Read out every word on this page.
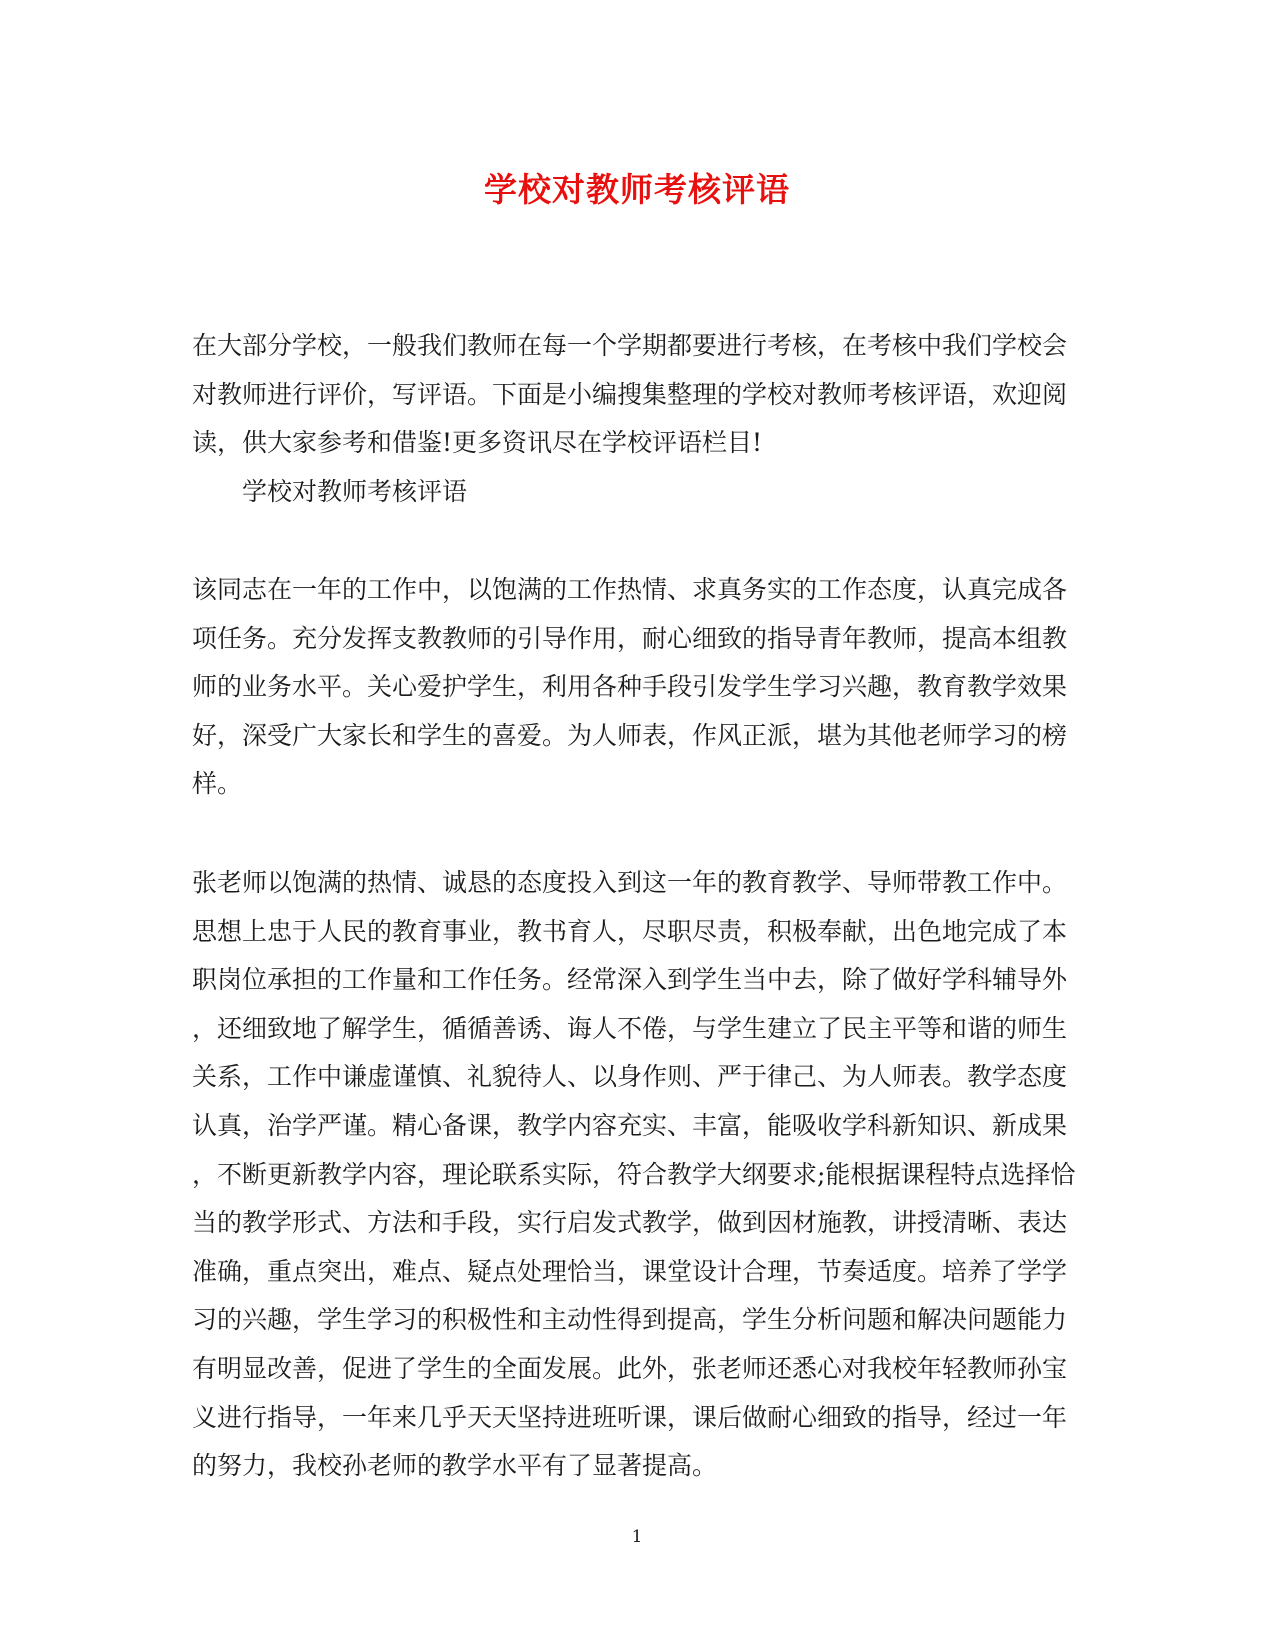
学校对教师考核评语
在大部分学校，一般我们教师在每一个学期都要进行考核，在考核中我们学校会
对教师进行评价，写评语。下面是小编搜集整理的学校对教师考核评语，欢迎阅
读，供大家参考和借鉴!更多资讯尽在学校评语栏目!
学校对教师考核评语
该同志在一年的工作中，以饱满的工作热情、求真务实的工作态度，认真完成各
项任务。充分发挥支教教师的引导作用，耐心细致的指导青年教师，提高本组教
师的业务水平。关心爱护学生，利用各种手段引发学生学习兴趣，教育教学效果
好，深受广大家长和学生的喜爱。为人师表，作风正派，堪为其他老师学习的榜
样。
张老师以饱满的热情、诚恳的态度投入到这一年的教育教学、导师带教工作中。
思想上忠于人民的教育事业，教书育人，尽职尽责，积极奉献，出色地完成了本
职岗位承担的工作量和工作任务。经常深入到学生当中去，除了做好学科辅导外
，还细致地了解学生，循循善诱、诲人不倦，与学生建立了民主平等和谐的师生
关系，工作中谦虚谨慎、礼貌待人、以身作则、严于律己、为人师表。教学态度
认真，治学严谨。精心备课，教学内容充实、丰富，能吸收学科新知识、新成果
，不断更新教学内容，理论联系实际，符合教学大纲要求;能根据课程特点选择恰
当的教学形式、方法和手段，实行启发式教学，做到因材施教，讲授清晰、表达
准确，重点突出，难点、疑点处理恰当，课堂设计合理，节奏适度。培养了学学
习的兴趣，学生学习的积极性和主动性得到提高，学生分析问题和解决问题能力
有明显改善，促进了学生的全面发展。此外，张老师还悉心对我校年轻教师孙宝
义进行指导，一年来几乎天天坚持进班听课，课后做耐心细致的指导，经过一年
的努力，我校孙老师的教学水平有了显著提高。
1
